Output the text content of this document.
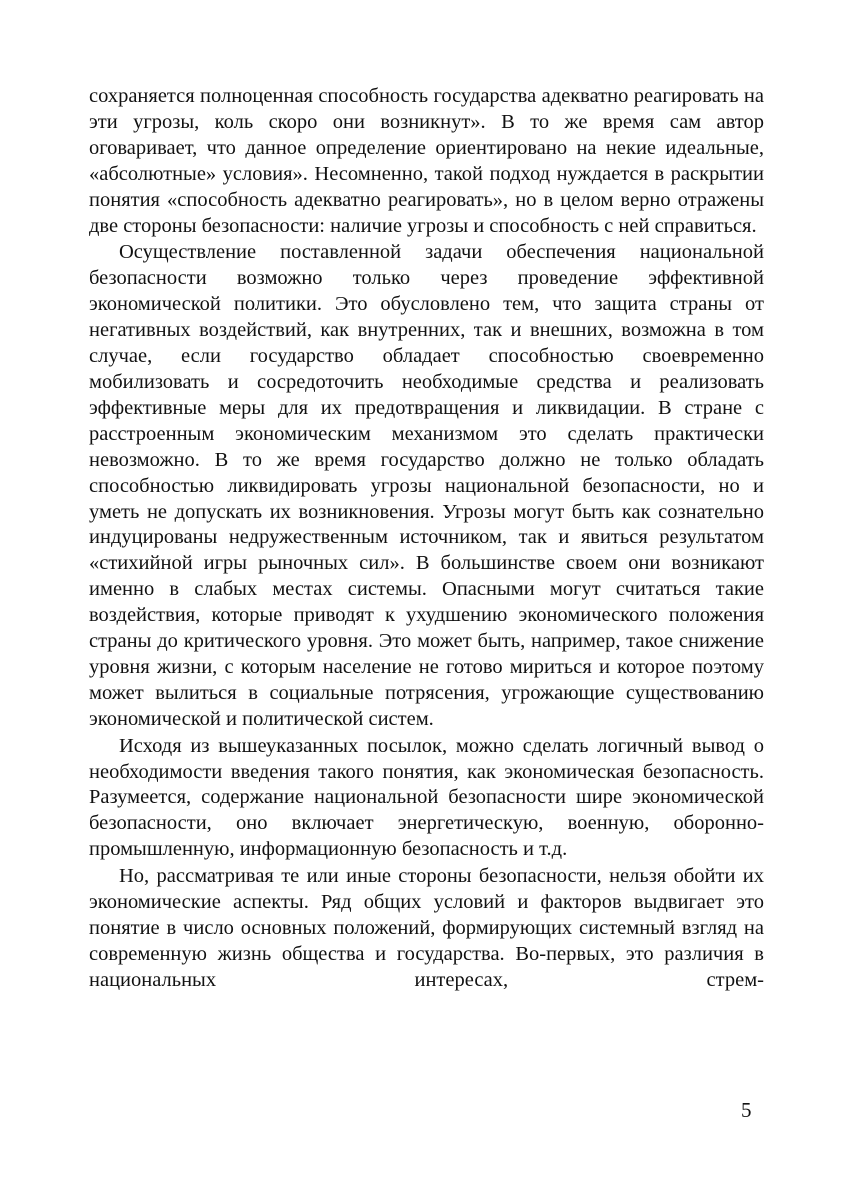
сохраняется полноценная способность государства адекватно реагировать на эти угрозы, коль скоро они возникнут». В то же время сам автор оговаривает, что данное определение ориентировано на некие идеальные, «абсолютные» условия». Несомненно, такой подход нуждается в раскрытии понятия «способность адекватно реагировать», но в целом верно отражены две стороны безопасности: наличие угрозы и способность с ней справиться.

Осуществление поставленной задачи обеспечения национальной безопасности возможно только через проведение эффективной экономической политики. Это обусловлено тем, что защита страны от негативных воздействий, как внутренних, так и внешних, возможна в том случае, если государство обладает способностью своевременно мобилизовать и сосредоточить необходимые средства и реализовать эффективные меры для их предотвращения и ликвидации. В стране с расстроенным экономическим механизмом это сделать практически невозможно. В то же время государство должно не только обладать способностью ликвидировать угрозы национальной безопасности, но и уметь не допускать их возникновения. Угрозы могут быть как сознательно индуцированы недружественным источником, так и явиться результатом «стихийной игры рыночных сил». В большинстве своем они возникают именно в слабых местах системы. Опасными могут считаться такие воздействия, которые приводят к ухудшению экономического положения страны до критического уровня. Это может быть, например, такое снижение уровня жизни, с которым население не готово мириться и которое поэтому может вылиться в социальные потрясения, угрожающие существованию экономической и политической систем.

Исходя из вышеуказанных посылок, можно сделать логичный вывод о необходимости введения такого понятия, как экономическая безопасность. Разумеется, содержание национальной безопасности шире экономической безопасности, оно включает энергетическую, военную, оборонно-промышленную, информационную безопасность и т.д.

Но, рассматривая те или иные стороны безопасности, нельзя обойти их экономические аспекты. Ряд общих условий и факторов выдвигает это понятие в число основных положений, формирующих системный взгляд на современную жизнь общества и государства. Во-первых, это различия в национальных интересах, стрем-

5
